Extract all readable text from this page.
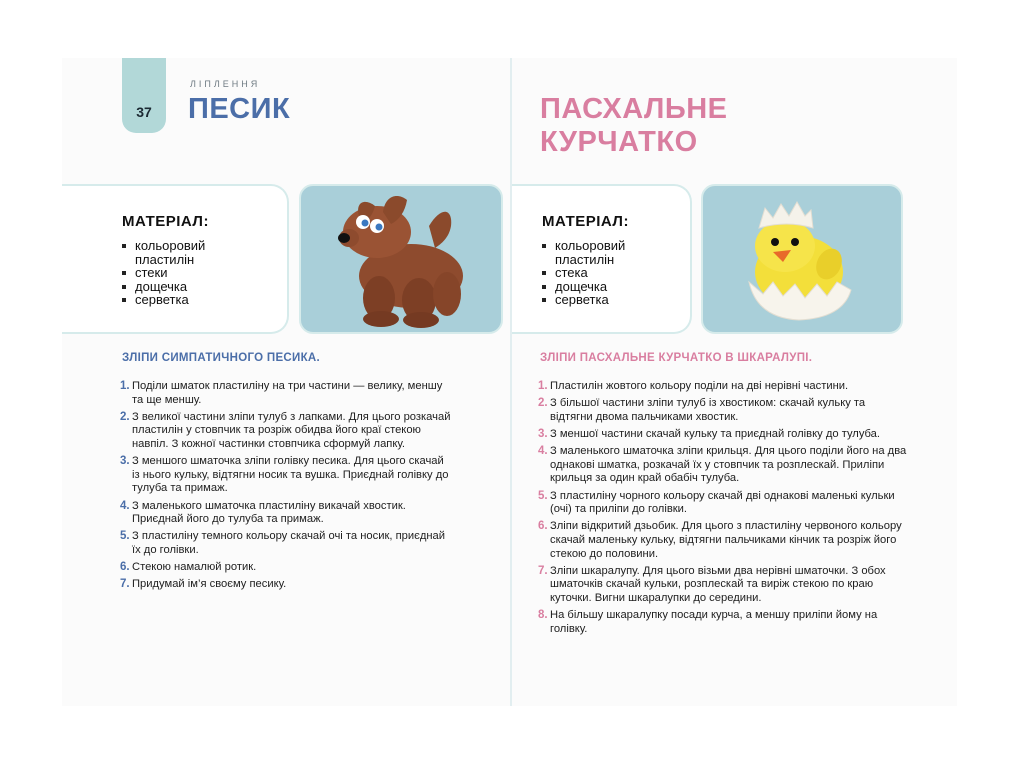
37
ЛІПЛЕННЯ
ПЕСИК	ПАСХАЛЬНЕ
КУРЧАТКО
МАТЕРІАЛ:
кольоровий пластилін
стеки
дощечка
серветка
МАТЕРІАЛ:
кольоровий пластилін
стека
дощечка
серветка
ЗЛІПИ СИМПАТИЧНОГО ПЕСИКА.
1. Поділи шматок пластиліну на три частини — велику, меншу та ще меншу.
2. З великої частини зліпи тулуб з лапками. Для цього розкачай пластилін у стовпчик та розріж обидва його краї стекою навпіл. З кожної частинки стовпчика сформуй лапку.
3. З меншого шматочка зліпи голівку песика. Для цього скачай із нього кульку, відтягни носик та вушка. Приєднай голівку до тулуба та примаж.
4. З маленького шматочка пластиліну викачай хвостик. Приєднай його до тулуба та примаж.
5. З пластиліну темного кольору скачай очі та носик, приєднай їх до голівки.
6. Стекою намалюй ротик.
7. Придумай ім’я своєму песику.
ЗЛІПИ ПАСХАЛЬНЕ КУРЧАТКО В ШКАРАЛУПІ.
1. Пластилін жовтого кольору поділи на дві нерівні частини.
2. З більшої частини зліпи тулуб із хвостиком: скачай кульку та відтягни двома пальчиками хвостик.
3. З меншої частини скачай кульку та приєднай голівку до тулуба.
4. З маленького шматочка зліпи крильця. Для цього поділи його на два однакові шматка, розкачай їх у стовпчик та розплескай. Приліпи крильця за один край обабіч тулуба.
5. З пластиліну чорного кольору скачай дві однакові маленькі кульки (очі) та приліпи до голівки.
6. Зліпи відкритий дзьобик. Для цього з пластиліну червоного кольору скачай маленьку кульку, відтягни пальчиками кінчик та розріж його стекою до половини.
7. Зліпи шкаралупу. Для цього візьми два нерівні шматочки. З обох шматочків скачай кульки, розплескай та виріж стекою по краю куточки. Вигни шкаралупки до середини.
8. На більшу шкаралупку посади курча, а меншу приліпи йому на голівку.
